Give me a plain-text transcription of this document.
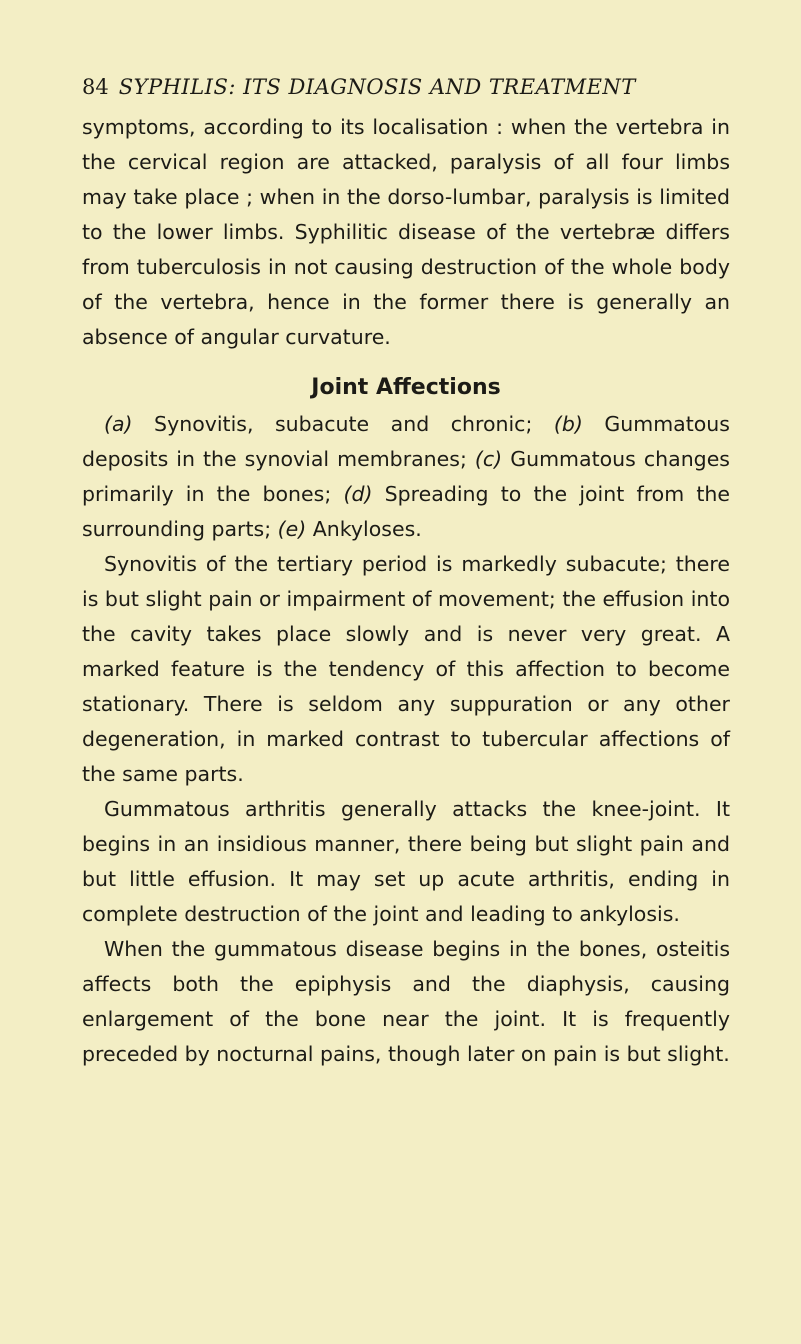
84 SYPHILIS: ITS DIAGNOSIS AND TREATMENT

symptoms, according to its localisation : when the vertebra in the cervical region are attacked, paralysis of all four limbs may take place ; when in the dorso-lumbar, paralysis is limited to the lower limbs. Syphilitic disease of the vertebræ differs from tuberculosis in not causing destruction of the whole body of the vertebra, hence in the former there is generally an absence of angular curvature.

Joint Affections

(a) Synovitis, subacute and chronic; (b) Gummatous deposits in the synovial membranes; (c) Gummatous changes primarily in the bones; (d) Spreading to the joint from the surrounding parts; (e) Ankyloses.

Synovitis of the tertiary period is markedly subacute; there is but slight pain or impairment of movement; the effusion into the cavity takes place slowly and is never very great. A marked feature is the tendency of this affection to become stationary. There is seldom any suppuration or any other degeneration, in marked contrast to tubercular affections of the same parts.

Gummatous arthritis generally attacks the knee-joint. It begins in an insidious manner, there being but slight pain and but little effusion. It may set up acute arthritis, ending in complete destruction of the joint and leading to ankylosis.

When the gummatous disease begins in the bones, osteitis affects both the epiphysis and the diaphysis, causing enlargement of the bone near the joint. It is frequently preceded by nocturnal pains, though later on pain is but slight.
